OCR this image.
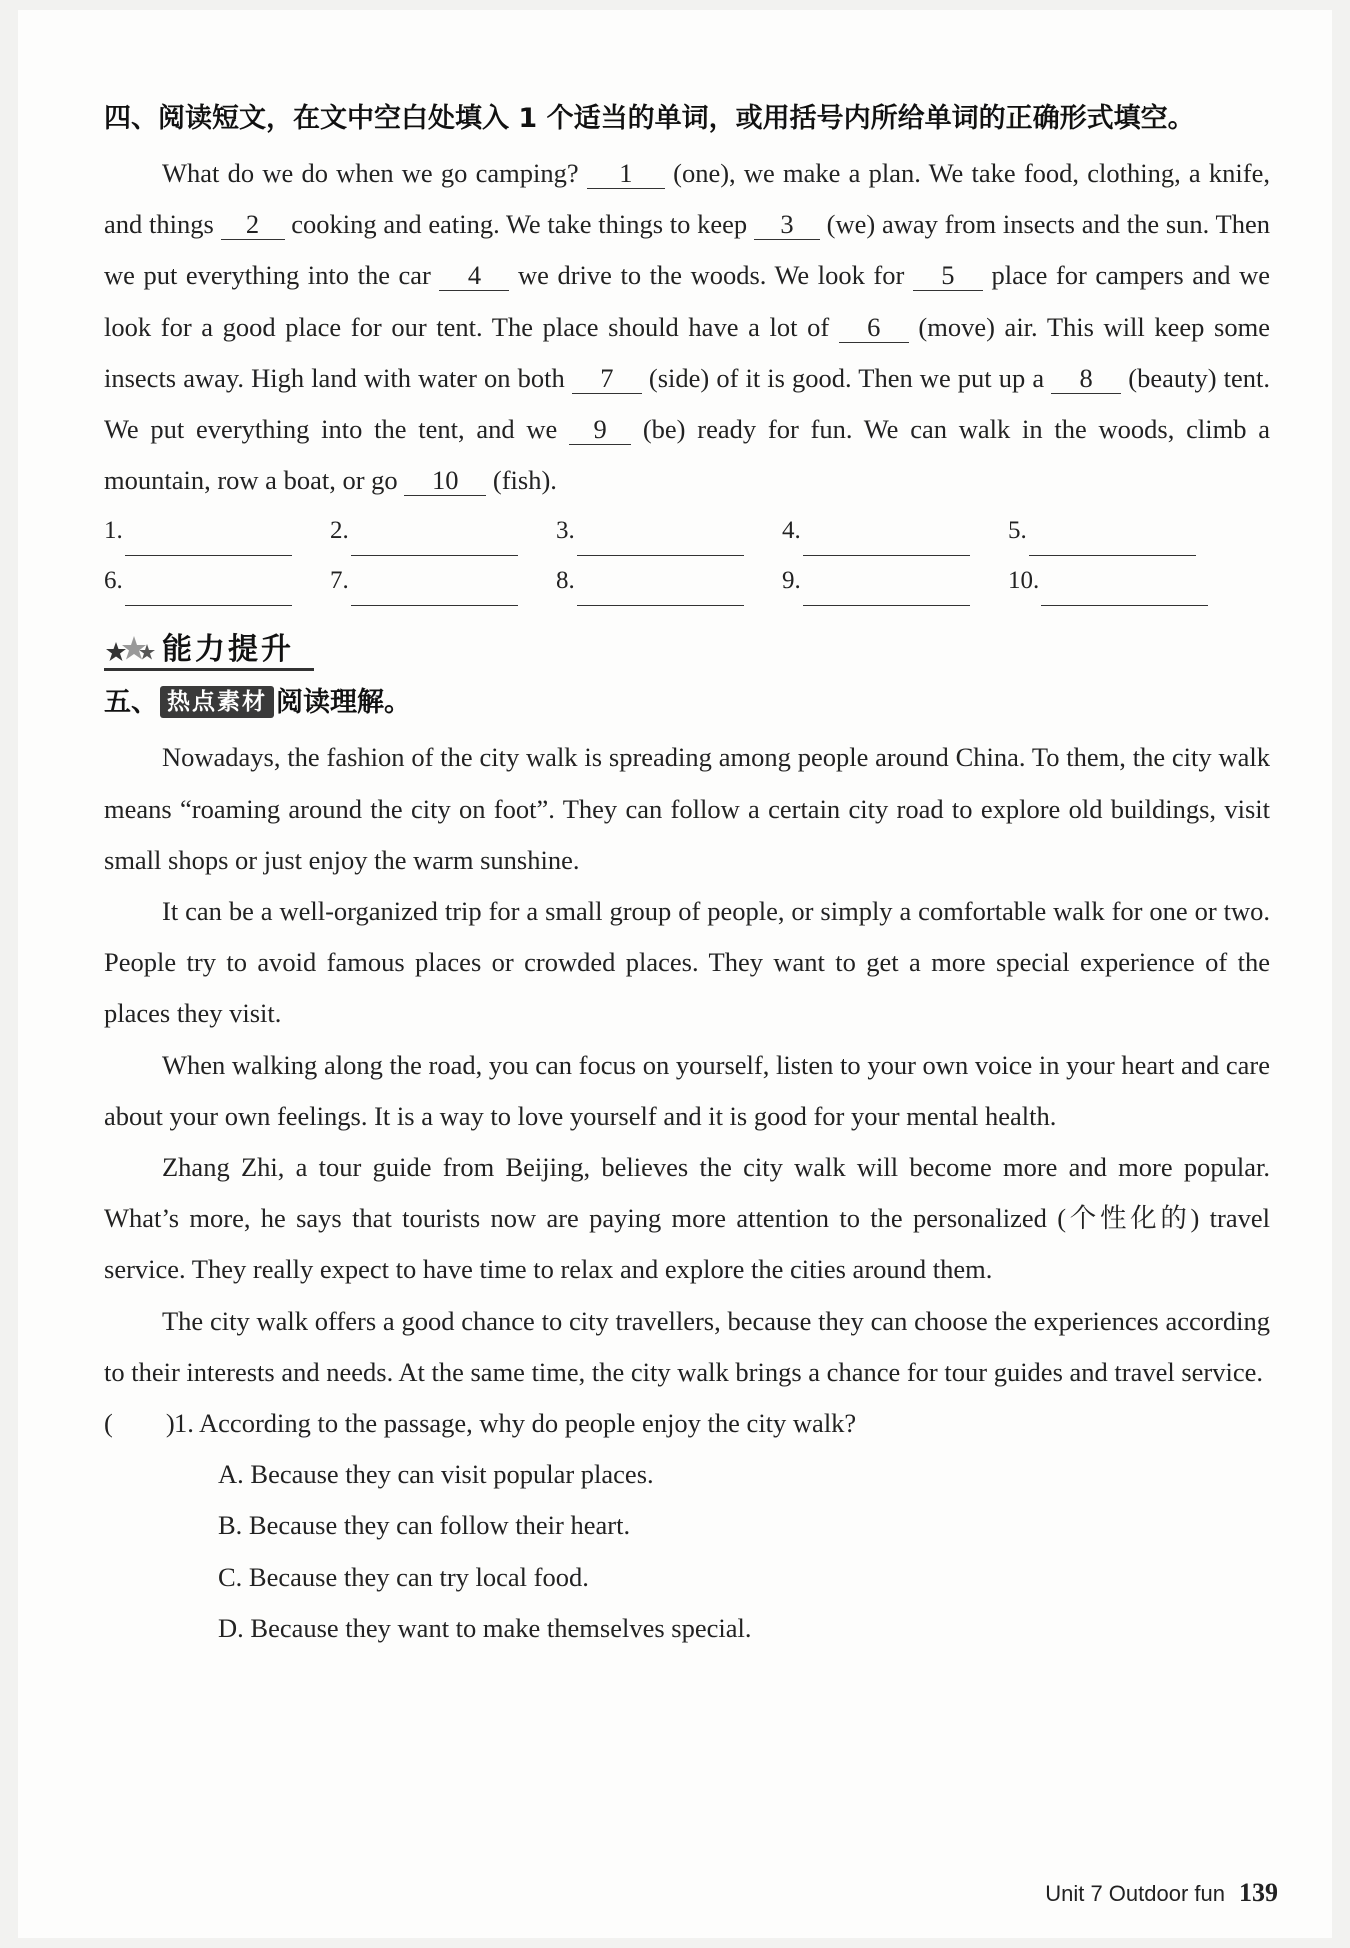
四、阅读短文，在文中空白处填入 1 个适当的单词，或用括号内所给单词的正确形式填空。

What do we do when we go camping? 1 (one), we make a plan. We take food, clothing, a knife, and things 2 cooking and eating. We take things to keep 3 (we) away from insects and the sun. Then we put everything into the car 4 we drive to the woods. We look for 5 place for campers and we look for a good place for our tent. The place should have a lot of 6 (move) air. This will keep some insects away. High land with water on both 7 (side) of it is good. Then we put up a 8 (beauty) tent. We put everything into the tent, and we 9 (be) ready for fun. We can walk in the woods, climb a mountain, row a boat, or go 10 (fish).

1.	2.	3.	4.	5.
6.	7.	8.	9.	10.
能力提升

五、 热点素材 阅读理解。

Nowadays, the fashion of the city walk is spreading among people around China. To them, the city walk means “roaming around the city on foot”. They can follow a certain city road to explore old buildings, visit small shops or just enjoy the warm sunshine.

It can be a well-organized trip for a small group of people, or simply a comfortable walk for one or two. People try to avoid famous places or crowded places. They want to get a more special experience of the places they visit.

When walking along the road, you can focus on yourself, listen to your own voice in your heart and care about your own feelings. It is a way to love yourself and it is good for your mental health.

Zhang Zhi, a tour guide from Beijing, believes the city walk will become more and more popular. What’s more, he says that tourists now are paying more attention to the personalized (个性化的) travel service. They really expect to have time to relax and explore the cities around them.

The city walk offers a good chance to city travellers, because they can choose the experiences according to their interests and needs. At the same time, the city walk brings a chance for tour guides and travel service.

(　　)1. According to the passage, why do people enjoy the city walk?

A. Because they can visit popular places.

B. Because they can follow their heart.

C. Because they can try local food.

D. Because they want to make themselves special.

Unit 7 Outdoor fun 139
